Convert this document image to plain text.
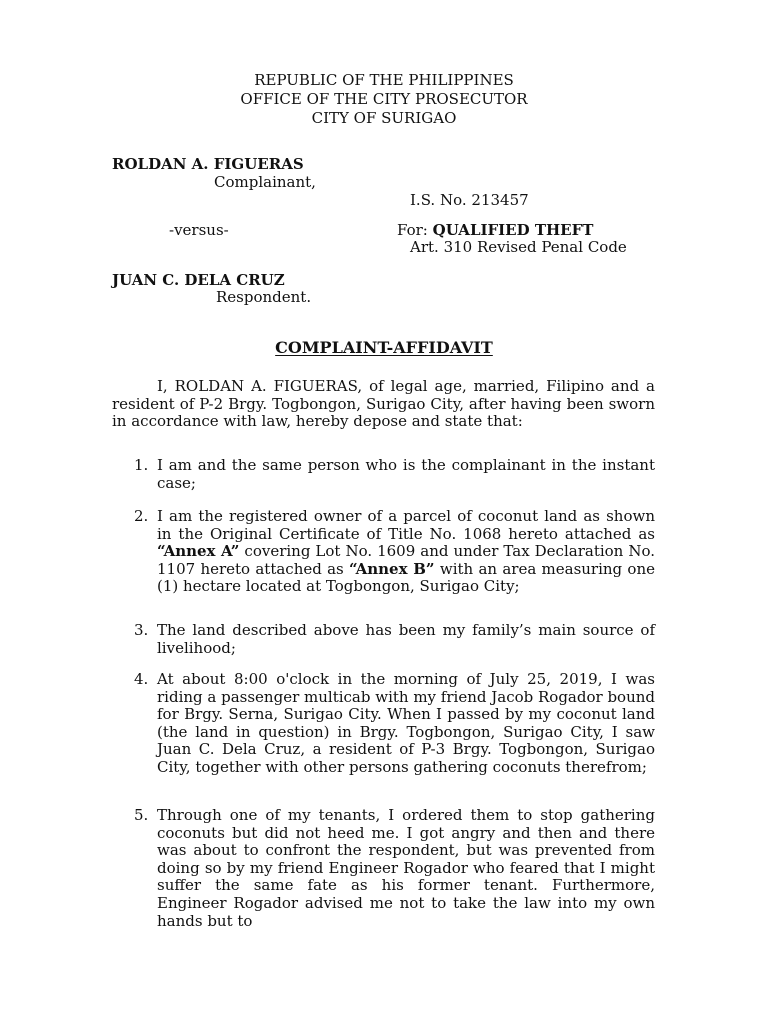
REPUBLIC OF THE PHILIPPINES
OFFICE OF THE CITY PROSECUTOR
CITY OF SURIGAO
ROLDAN A. FIGUERAS
Complainant,
I.S. No. 213457
-versus-	For: QUALIFIED THEFT
Art. 310 Revised Penal Code
JUAN C. DELA CRUZ
Respondent.
COMPLAINT-AFFIDAVIT

I, ROLDAN A. FIGUERAS, of legal age, married, Filipino and a resident of P-2 Brgy. Togbongon, Surigao City, after having been sworn in accordance with law, hereby depose and state that:

1. I am and the same person who is the complainant in the instant case;
2. I am the registered owner of a parcel of coconut land as shown in the Original Certificate of Title No. 1068 hereto attached as “Annex A” covering Lot No. 1609 and under Tax Declaration No. 1107 hereto attached as “Annex B” with an area measuring one (1) hectare located at Togbongon, Surigao City;
3. The land described above has been my family’s main source of livelihood;
4. At about 8:00 o'clock in the morning of July 25, 2019, I was riding a passenger multicab with my friend Jacob Rogador bound for Brgy. Serna, Surigao City. When I passed by my coconut land (the land in question) in Brgy. Togbongon, Surigao City, I saw Juan C. Dela Cruz, a resident of P-3 Brgy. Togbongon, Surigao City, together with other persons gathering coconuts therefrom;
5. Through one of my tenants, I ordered them to stop gathering coconuts but did not heed me. I got angry and then and there was about to confront the respondent, but was prevented from doing so by my friend Engineer Rogador who feared that I might suffer the same fate as his former tenant. Furthermore, Engineer Rogador advised me not to take the law into my own hands but to
